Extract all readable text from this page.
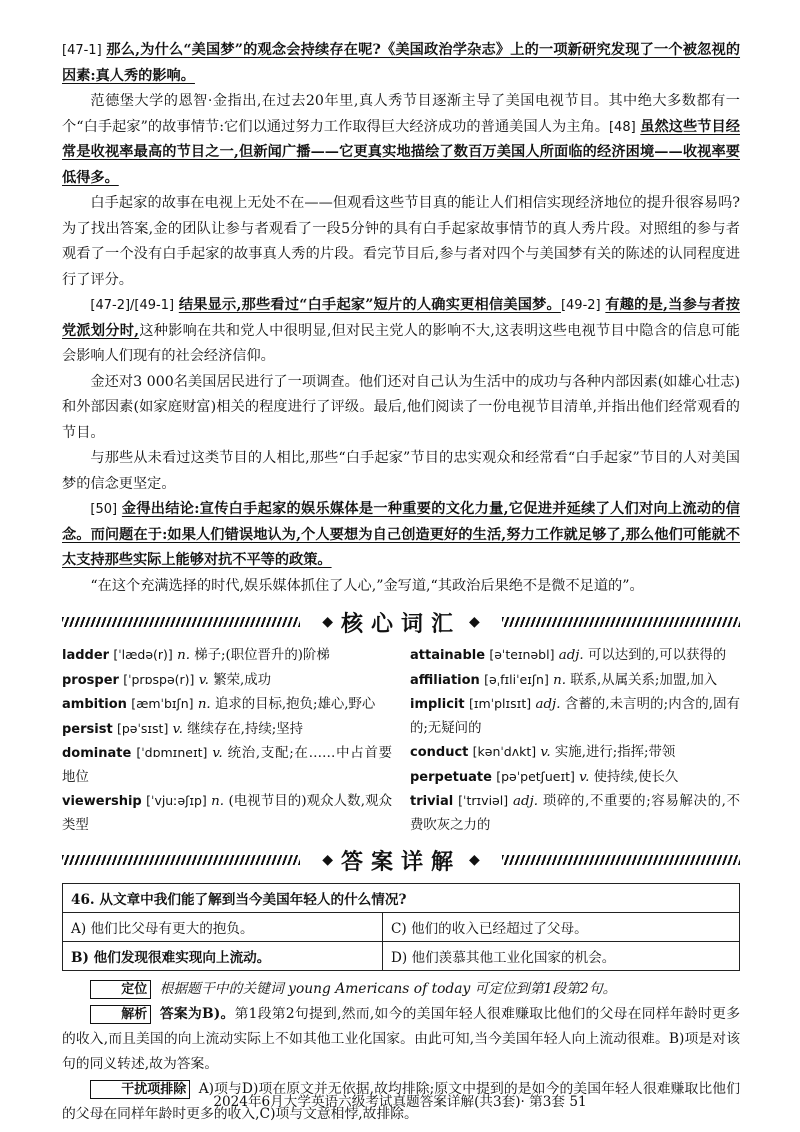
[47-1] 那么,为什么“美国梦”的观念会持续存在呢?《美国政治学杂志》上的一项新研究发现了一个被忽视的因素:真人秀的影响。

范德堡大学的恩智·金指出,在过去20年里,真人秀节目逐渐主导了美国电视节目。其中绝大多数都有一个“白手起家”的故事情节:它们以通过努力工作取得巨大经济成功的普通美国人为主角。[48] 虽然这些节目经常是收视率最高的节目之一,但新闻广播——它更真实地描绘了数百万美国人所面临的经济困境——收视率要低得多。

白手起家的故事在电视上无处不在——但观看这些节目真的能让人们相信实现经济地位的提升很容易吗?为了找出答案,金的团队让参与者观看了一段5分钟的具有白手起家故事情节的真人秀片段。对照组的参与者观看了一个没有白手起家的故事真人秀的片段。看完节目后,参与者对四个与美国梦有关的陈述的认同程度进行了评分。

[47-2]/[49-1] 结果显示,那些看过“白手起家”短片的人确实更相信美国梦。[49-2] 有趣的是,当参与者按党派划分时,这种影响在共和党人中很明显,但对民主党人的影响不大,这表明这些电视节目中隐含的信息可能会影响人们现有的社会经济信仰。

金还对3 000名美国居民进行了一项调查。他们还对自己认为生活中的成功与各种内部因素(如雄心壮志)和外部因素(如家庭财富)相关的程度进行了评级。最后,他们阅读了一份电视节目清单,并指出他们经常观看的节目。

与那些从未看过这类节目的人相比,那些“白手起家”节目的忠实观众和经常看“白手起家”节目的人对美国梦的信念更坚定。

[50] 金得出结论:宣传白手起家的娱乐媒体是一种重要的文化力量,它促进并延续了人们对向上流动的信念。而问题在于:如果人们错误地认为,个人要想为自己创造更好的生活,努力工作就足够了,那么他们可能就不太支持那些实际上能够对抗不平等的政策。

“在这个充满选择的时代,娱乐媒体抓住了人心,”金写道,“其政治后果绝不是微不足道的”。

◆ 核心词汇 ◆
ladder [ˈlædə(r)] n. 梯子;(职位晋升的)阶梯
prosper [ˈprɒspə(r)] v. 繁荣,成功
ambition [æmˈbɪʃn] n. 追求的目标,抱负;雄心,野心
persist [pəˈsɪst] v. 继续存在,持续;坚持
dominate [ˈdɒmɪneɪt] v. 统治,支配;在……中占首要地位
viewership [ˈvjuːəʃɪp] n. (电视节目的)观众人数,观众类型
attainable [əˈteɪnəbl] adj. 可以达到的,可以获得的
affiliation [əˌfɪliˈeɪʃn] n. 联系,从属关系;加盟,加入
implicit [ɪmˈplɪsɪt] adj. 含蓄的,未言明的;内含的,固有的;无疑问的
conduct [kənˈdʌkt] v. 实施,进行;指挥;带领
perpetuate [pəˈpetʃueɪt] v. 使持续,使长久
trivial [ˈtrɪviəl] adj. 琐碎的,不重要的;容易解决的,不费吹灰之力的
◆ 答案详解 ◆
46. 从文章中我们能了解到当今美国年轻人的什么情况?	
A) 他们比父母有更大的抱负。	C) 他们的收入已经超过了父母。
B) 他们发现很难实现向上流动。	D) 他们羡慕其他工业化国家的机会。

定位 根据题干中的关键词 young Americans of today 可定位到第1段第2句。

解析 答案为B)。第1段第2句提到,然而,如今的美国年轻人很难赚取比他们的父母在同样年龄时更多的收入,而且美国的向上流动实际上不如其他工业化国家。由此可知,当今美国年轻人向上流动很难。B)项是对该句的同义转述,故为答案。

干扰项排除 A)项与D)项在原文并无依据,故均排除;原文中提到的是如今的美国年轻人很难赚取比他们的父母在同样年龄时更多的收入,C)项与文意相悖,故排除。

2024年6月大学英语六级考试真题答案详解(共3套)· 第3套 51
